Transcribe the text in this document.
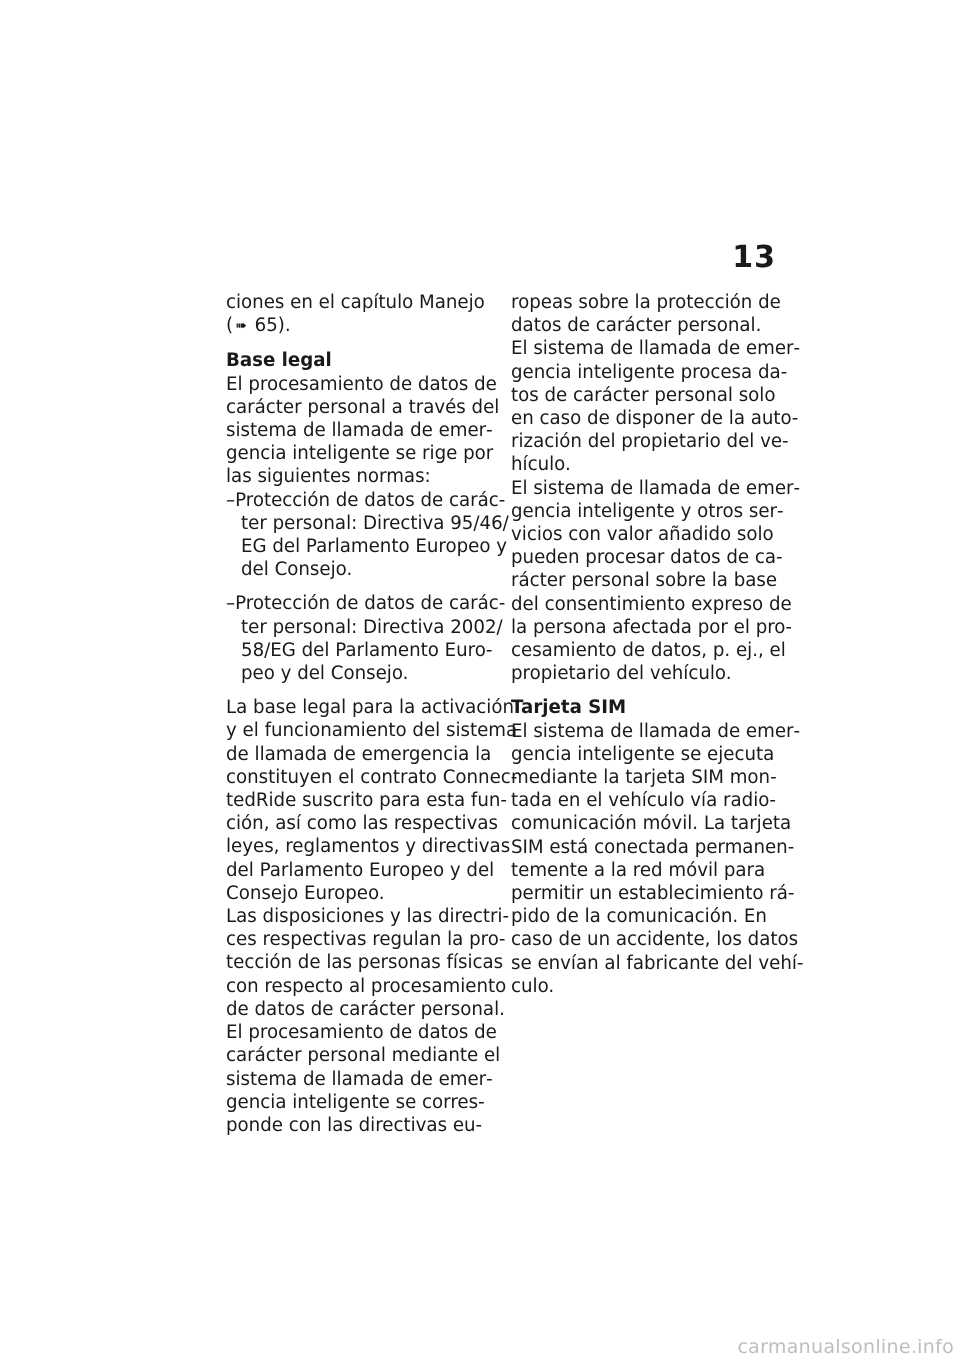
13
ciones en el capítulo Manejo
( ➠ 65).
Base legal
El procesamiento de datos de
carácter personal a través del
sistema de llamada de emer‐
gencia inteligente se rige por
las siguientes normas:
–Protección de datos de carác‐
ter personal: Directiva 95/46/
EG del Parlamento Europeo y
del Consejo.
–Protección de datos de carác‐
ter personal: Directiva 2002/
58/EG del Parlamento Euro‐
peo y del Consejo.
La base legal para la activación
y el funcionamiento del sistema
de llamada de emergencia la
constituyen el contrato Connec‐
tedRide suscrito para esta fun‐
ción, así como las respectivas
leyes, reglamentos y directivas
del Parlamento Europeo y del
Consejo Europeo.
Las disposiciones y las directri‐
ces respectivas regulan la pro‐
tección de las personas físicas
con respecto al procesamiento
de datos de carácter personal.
El procesamiento de datos de
carácter personal mediante el
sistema de llamada de emer‐
gencia inteligente se corres‐
ponde con las directivas eu‐
ropeas sobre la protección de
datos de carácter personal.
El sistema de llamada de emer‐
gencia inteligente procesa da‐
tos de carácter personal solo
en caso de disponer de la auto‐
rización del propietario del ve‐
hículo.
El sistema de llamada de emer‐
gencia inteligente y otros ser‐
vicios con valor añadido solo
pueden procesar datos de ca‐
rácter personal sobre la base
del consentimiento expreso de
la persona afectada por el pro‐
cesamiento de datos, p. ej., el
propietario del vehículo.
Tarjeta SIM
El sistema de llamada de emer‐
gencia inteligente se ejecuta
mediante la tarjeta SIM mon‐
tada en el vehículo vía radio‐
comunicación móvil. La tarjeta
SIM está conectada permanen‐
temente a la red móvil para
permitir un establecimiento rá‐
pido de la comunicación. En
caso de un accidente, los datos
se envían al fabricante del vehí‐
culo.
carmanualsonline.info
